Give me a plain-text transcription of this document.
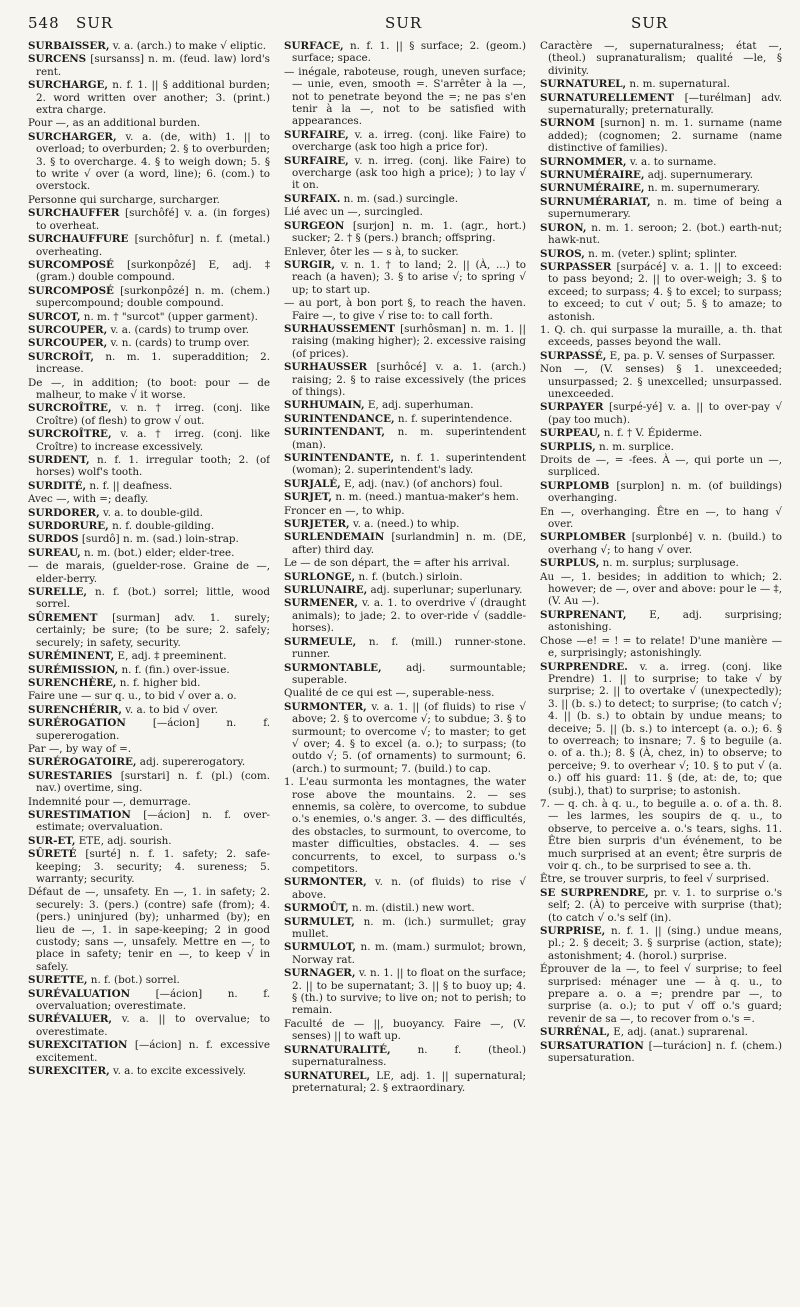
548 SUR	SUR	SUR

SURBAISSER, v. a. (arch.) to make √ eliptic.

SURCENS [sursanss] n. m. (feud. law) lord's rent.

SURCHARGE, n. f. 1. || § additional burden; 2. word written over another; 3. (print.) extra charge.

Pour —, as an additional burden.

SURCHARGER, v. a. (de, with) 1. || to overload; to overburden; 2. § to overburden; 3. § to overcharge. 4. § to weigh down; 5. § to write √ over (a word, line); 6. (com.) to overstock.

Personne qui surcharge, surcharger.

SURCHAUFFER [surchôfé] v. a. (in forges) to overheat.

SURCHAUFFURE [surchôfur] n. f. (metal.) overheating.

SURCOMPOSÉ [surkonpôzé] E, adj. ‡ (gram.) double compound.

SURCOMPOSÉ [surkonpôzé] n. m. (chem.) supercompound; double compound.

SURCOT, n. m. † "surcot" (upper garment).

SURCOUPER, v. a. (cards) to trump over.

SURCOUPER, v. n. (cards) to trump over.

SURCROÎT, n. m. 1. superaddition; 2. increase.

De —, in addition; (to boot: pour — de malheur, to make √ it worse.

SURCROÎTRE, v. n. † irreg. (conj. like Croître) (of flesh) to grow √ out.

SURCROÎTRE, v. a. † irreg. (conj. like Croître) to increase excessively.

SURDENT, n. f. 1. irregular tooth; 2. (of horses) wolf's tooth.

SURDITÉ, n. f. || deafness.

Avec —, with =; deafly.

SURDORER, v. a. to double-gild.

SURDORURE, n. f. double-gilding.

SURDOS [surdô] n. m. (sad.) loin-strap.

SUREAU, n. m. (bot.) elder; elder-tree.

— de marais, (guelder-rose. Graine de —, elder-berry.

SURELLE, n. f. (bot.) sorrel; little, wood sorrel.

SÛREMENT [surman] adv. 1. surely; certainly; be sure; (to be sure; 2. safely; securely; in safety, security.

SURÉMINENT, E, adj. ‡ preeminent.

SURÉMISSION, n. f. (fin.) over-issue.

SURENCHÈRE, n. f. higher bid.

Faire une — sur q. u., to bid √ over a. o.

SURENCHÉRIR, v. a. to bid √ over.

SURÉROGATION	[—ácion] n. f. supererogation.

Par —, by way of =.

SURÉROGATOIRE, adj. supererogatory.

SURESTARIES [surstari] n. f. (pl.) (com. nav.) overtime, sing.

Indemnité pour —, demurrage.

SURESTIMATION [—ácion] n. f. over-estimate; overvaluation.

SUR-ET, ETE, adj. sourish.

SÛRETÉ [surté] n. f. 1. safety; 2. safe-keeping; 3. security; 4. sureness; 5. warranty; security.

Défaut de —, unsafety. En —, 1. in safety; 2. securely: 3. (pers.) (contre) safe (from); 4. (pers.) uninjured (by); unharmed (by); en lieu de —, 1. in sape-keeping; 2 in good custody; sans —, unsafely. Mettre en —, to place in safety; tenir en —, to keep √ in safely.

SURETTE, n. f. (bot.) sorrel.

SURÉVALUATION [—ácion] n. f. overvaluation; overestimate.

SURÉVALUER, v. a. || to overvalue; to overestimate.

SUREXCITATION [—ácion] n. f. excessive excitement.

SUREXCITER, v. a. to excite excessively.

SURFACE, n. f. 1. || § surface; 2. (geom.) surface; space.

— inégale, raboteuse, rough, uneven surface; — unie, even, smooth =. S'arrêter à la —, not to penetrate beyond the =; ne pas s'en tenir à la —, not to be satisfied with appearances.

SURFAIRE, v. a. irreg. (conj. like Faire) to overcharge (ask too high a price for).

SURFAIRE, v. n. irreg. (conj. like Faire) to overcharge (ask too high a price); ) to lay √ it on.

SURFAIX. n. m. (sad.) surcingle.

Lié avec un —, surcingled.

SURGEON [surjon] n. m. 1. (agr., hort.) sucker; 2. † § (pers.) branch; offspring.

Enlever, ôter les — s à, to sucker.

SURGIR, v. n. 1. † to land; 2. || (À, ...) to reach (a haven); 3. § to arise √; to spring √ up; to start up.

— au port, à bon port §, to reach the haven. Faire —, to give √ rise to: to call forth.

SURHAUSSEMENT [surhôsman] n. m. 1. || raising (making higher); 2. excessive raising (of prices).

SURHAUSSER [surhôcé] v. a. 1. (arch.) raising; 2. § to raise excessively (the prices of things).

SURHUMAIN, E, adj. superhuman.

SURINTENDANCE, n. f. superintendence.

SURINTENDANT, n. m. superintendent (man).

SURINTENDANTE, n. f. 1. superintendent (woman); 2. superintendent's lady.

SURJALÉ, E, adj. (nav.) (of anchors) foul.

SURJET, n. m. (need.) mantua-maker's hem.

Froncer en —, to whip.

SURJETER, v. a. (need.) to whip.

SURLENDEMAIN [surlandmin] n. m. (DE, after) third day.

Le — de son départ, the = after his arrival.

SURLONGE, n. f. (butch.) sirloin.

SURLUNAIRE, adj. superlunar; superlunary.

SURMENER, v. a. 1. to overdrive √ (draught animals); to jade; 2. to over-ride √ (saddle-horses).

SURMEULE, n. f. (mill.) runner-stone. runner.

SURMONTABLE, adj. surmountable; superable.

Qualité de ce qui est —, superable-ness.

SURMONTER, v. a. 1. || (of fluids) to rise √ above; 2. § to overcome √; to subdue; 3. § to surmount; to overcome √; to master; to get √ over; 4. § to excel (a. o.); to surpass; (to outdo √; 5. (of ornaments) to surmount; 6. (arch.) to surmount; 7. (build.) to cap.

1. L'eau surmonta les montagnes, the water rose above the mountains. 2. — ses ennemis, sa colère, to overcome, to subdue o.'s enemies, o.'s anger. 3. — des difficultés, des obstacles, to surmount, to overcome, to master difficulties, obstacles. 4. — ses concurrents, to excel, to surpass o.'s competitors.

SURMONTER, v. n. (of fluids) to rise √ above.

SURMOÛT, n. m. (distil.) new wort.

SURMULET, n. m. (ich.) surmullet; gray mullet.

SURMULOT, n. m. (mam.) surmulot; brown, Norway rat.

SURNAGER, v. n. 1. || to float on the surface; 2. || to be supernatant; 3. || § to buoy up; 4. § (th.) to survive; to live on; not to perish; to remain.

Faculté de — ||, buoyancy. Faire —, (V. senses) || to waft up.

SURNATURALITÉ,	n. f. (theol.) supernaturalness.

SURNATUREL, LE, adj. 1. || supernatural; preternatural; 2. § extraordinary.

Caractère —, supernaturalness; état —, (theol.) supranaturalism; qualité —le, § divinity.

SURNATUREL, n. m. supernatural.

SURNATURELLEMENT [—turélman] adv. supernaturally; preternaturally.

SURNOM [surnon] n. m. 1. surname (name added); (cognomen; 2. surname (name distinctive of families).

SURNOMMER, v. a. to surname.

SURNUMÉRAIRE, adj. supernumerary.

SURNUMÉRAIRE, n. m. supernumerary.

SURNUMÉRARIAT, n. m. time of being a supernumerary.

SURON, n. m. 1. seroon; 2. (bot.) earth-nut; hawk-nut.

SUROS, n. m. (veter.) splint; splinter.

SURPASSER [surpácé] v. a. 1. || to exceed: to pass beyond; 2. || to over-weigh; 3. § to exceed; to surpass; 4. § to excel; to surpass; to exceed; to cut √ out; 5. § to amaze; to astonish.

1. Q. ch. qui surpasse la muraille, a. th. that exceeds, passes beyond the wall.

SURPASSÉ, E, pa. p. V. senses of Surpasser.

Non —, (V. senses) § 1. unexceeded; unsurpassed; 2. § unexcelled; unsurpassed. unexceeded.

SURPAYER [surpé-yé] v. a. || to over-pay √ (pay too much).

SURPEAU, n. f. † V. Épiderme.

SURPLIS, n. m. surplice.

Droits de —, = -fees. À —, qui porte un —, surpliced.

SURPLOMB [surplon] n. m. (of buildings) overhanging.

En —, overhanging. Être en —, to hang √ over.

SURPLOMBER [surplonbé] v. n. (build.) to overhang √; to hang √ over.

SURPLUS, n. m. surplus; surplusage.

Au —, 1. besides; in addition to which; 2. however; de —, over and above: pour le — ‡, (V. Au —).

SURPRENANT, E, adj. surprising; astonishing.

Chose —e! = ! = to relate! D'une manière —e, surprisingly; astonishingly.

SURPRENDRE. v. a. irreg. (conj. like Prendre) 1. || to surprise; to take √ by surprise; 2. || to overtake √ (unexpectedly); 3. || (b. s.) to detect; to surprise; (to catch √; 4. || (b. s.) to obtain by undue means; to deceive; 5. || (b. s.) to intercept (a. o.); 6. § to overreach; to insnare; 7. § to beguile (a. o. of a. th.); 8. § (À, chez, in) to observe; to perceive; 9. to overhear √; 10. § to put √ (a. o.) off his guard: 11. § (de, at: de, to; que (subj.), that) to surprise; to astonish.

7. — q. ch. à q. u., to beguile a. o. of a. th. 8. — les larmes, les soupirs de q. u., to observe, to perceive a. o.'s tears, sighs. 11. Être bien surpris d'un événement, to be much surprised at an event; être surpris de voir q. ch., to be surprised to see a. th.

Être, se trouver surpris, to feel √ surprised.

SE SURPRENDRE, pr. v. 1. to surprise o.'s self; 2. (À) to perceive with surprise (that); (to catch √ o.'s self (in).

SURPRISE, n. f. 1. || (sing.) undue means, pl.; 2. § deceit; 3. § surprise (action, state); astonishment; 4. (horol.) surprise.

Éprouver de la —, to feel √ surprise; to feel surprised: ménager une — à q. u., to prepare a. o. a =; prendre par —, to surprise (a. o.); to put √ off o.'s guard; revenir de sa —, to recover from o.'s =.

SURRÉNAL, E, adj. (anat.) suprarenal.

SURSATURATION [—turácion] n. f. (chem.) supersaturation.
